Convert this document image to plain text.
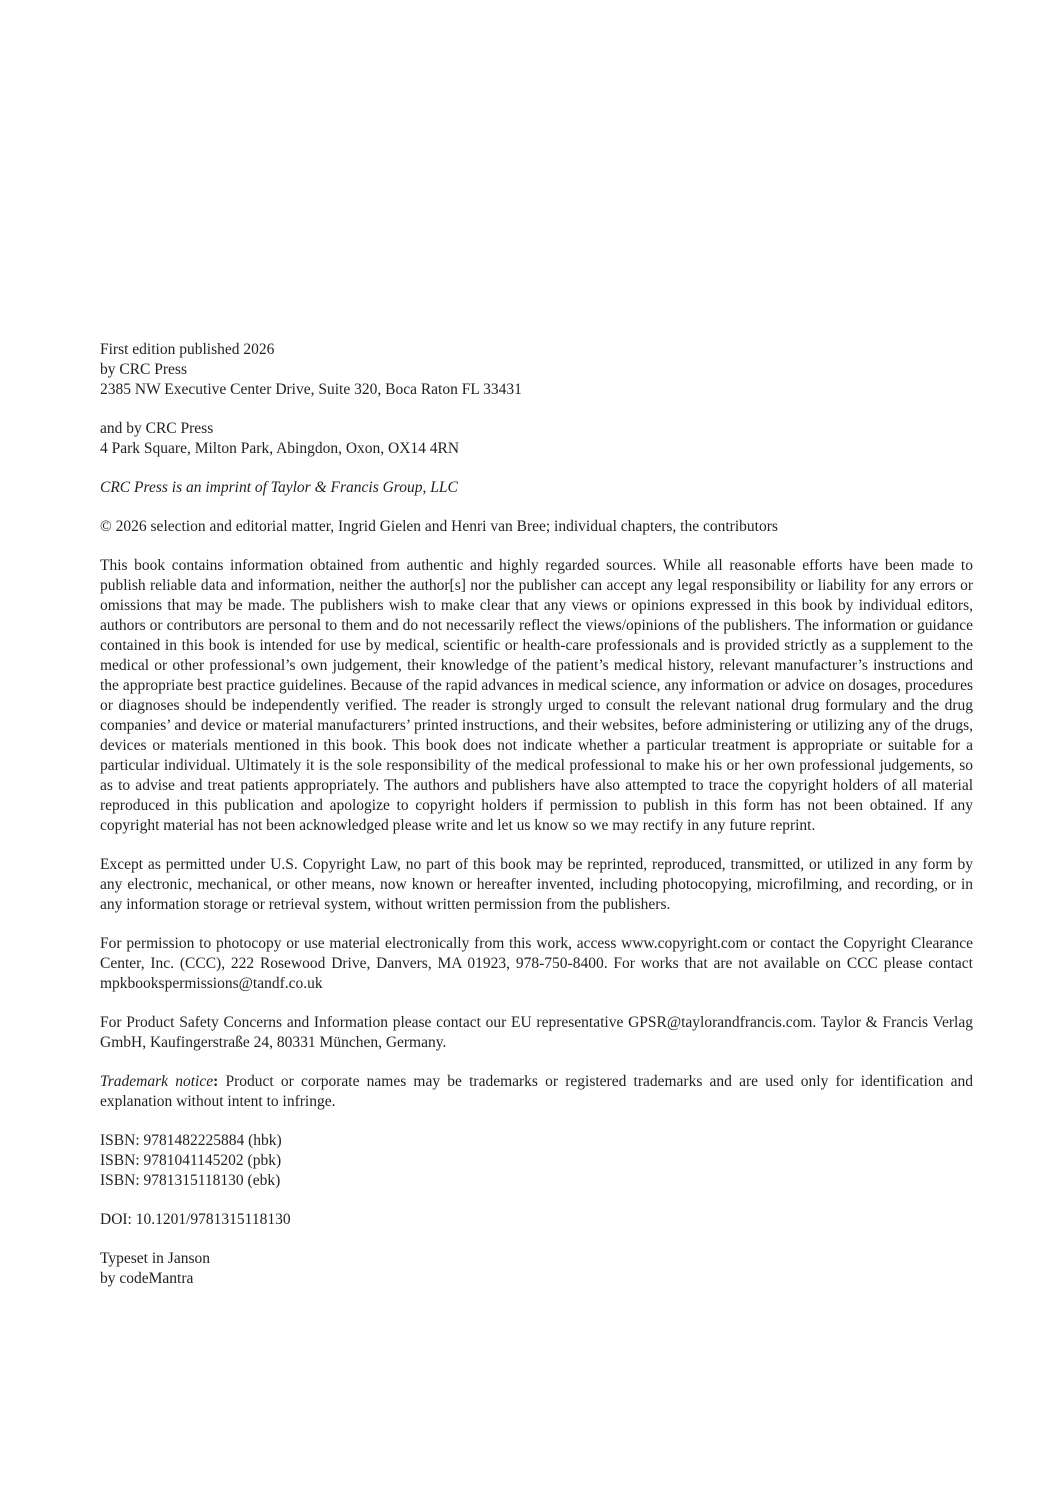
First edition published 2026
by CRC Press
2385 NW Executive Center Drive, Suite 320, Boca Raton FL 33431
and by CRC Press
4 Park Square, Milton Park, Abingdon, Oxon, OX14 4RN

CRC Press is an imprint of Taylor & Francis Group, LLC

© 2026 selection and editorial matter, Ingrid Gielen and Henri van Bree; individual chapters, the contributors

This book contains information obtained from authentic and highly regarded sources. While all reasonable efforts have been made to publish reliable data and information, neither the author[s] nor the publisher can accept any legal responsibility or liability for any errors or omissions that may be made. The publishers wish to make clear that any views or opinions expressed in this book by individual editors, authors or contributors are personal to them and do not necessarily reflect the views/opinions of the publishers. The information or guidance contained in this book is intended for use by medical, scientific or health-care professionals and is provided strictly as a supplement to the medical or other professional’s own judgement, their knowledge of the patient’s medical history, relevant manufacturer’s instructions and the appropriate best practice guidelines. Because of the rapid advances in medical science, any information or advice on dosages, procedures or diagnoses should be independently verified. The reader is strongly urged to consult the relevant national drug formulary and the drug companies’ and device or material manufacturers’ printed instructions, and their websites, before administering or utilizing any of the drugs, devices or materials mentioned in this book. This book does not indicate whether a particular treatment is appropriate or suitable for a particular individual. Ultimately it is the sole responsibility of the medical professional to make his or her own professional judgements, so as to advise and treat patients appropriately. The authors and publishers have also attempted to trace the copyright holders of all material reproduced in this publication and apologize to copyright holders if permission to publish in this form has not been obtained. If any copyright material has not been acknowledged please write and let us know so we may rectify in any future reprint.

Except as permitted under U.S. Copyright Law, no part of this book may be reprinted, reproduced, transmitted, or utilized in any form by any electronic, mechanical, or other means, now known or hereafter invented, including photocopying, microfilming, and recording, or in any information storage or retrieval system, without written permission from the publishers.

For permission to photocopy or use material electronically from this work, access www.copyright.com or contact the Copyright Clearance Center, Inc. (CCC), 222 Rosewood Drive, Danvers, MA 01923, 978-750-8400. For works that are not available on CCC please contact mpkbookspermissions@tandf.co.uk

For Product Safety Concerns and Information please contact our EU representative GPSR@taylorandfrancis.com. Taylor & Francis Verlag GmbH, Kaufingerstraße 24, 80331 München, Germany.

Trademark notice: Product or corporate names may be trademarks or registered trademarks and are used only for identification and explanation without intent to infringe.

ISBN: 9781482225884 (hbk)
ISBN: 9781041145202 (pbk)
ISBN: 9781315118130 (ebk)
DOI: 10.1201/9781315118130
Typeset in Janson
by codeMantra
